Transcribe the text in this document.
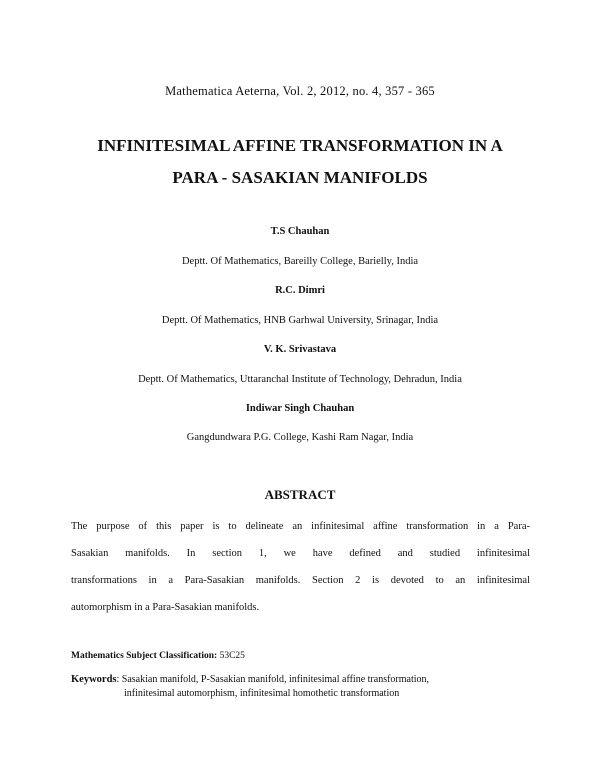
Mathematica Aeterna, Vol. 2, 2012, no. 4, 357 - 365
INFINITESIMAL AFFINE TRANSFORMATION IN A
PARA - SASAKIAN MANIFOLDS
T.S Chauhan
Deptt. Of Mathematics, Bareilly College, Barielly, India
R.C. Dimri
Deptt. Of Mathematics, HNB Garhwal University, Srinagar, India
V. K. Srivastava
Deptt. Of Mathematics, Uttaranchal Institute of Technology, Dehradun, India
Indiwar Singh Chauhan
Gangdundwara P.G. College, Kashi Ram Nagar, India
ABSTRACT
The purpose of this paper is to delineate an infinitesimal affine transformation in a Para-
Sasakian manifolds. In section 1, we have defined and studied infinitesimal
transformations in a Para-Sasakian manifolds. Section 2 is devoted to an infinitesimal
automorphism in a Para-Sasakian manifolds.
Mathematics Subject Classification: 53C25
Keywords: Sasakian manifold, P-Sasakian manifold, infinitesimal affine transformation,
infinitesimal automorphism, infinitesimal homothetic transformation
